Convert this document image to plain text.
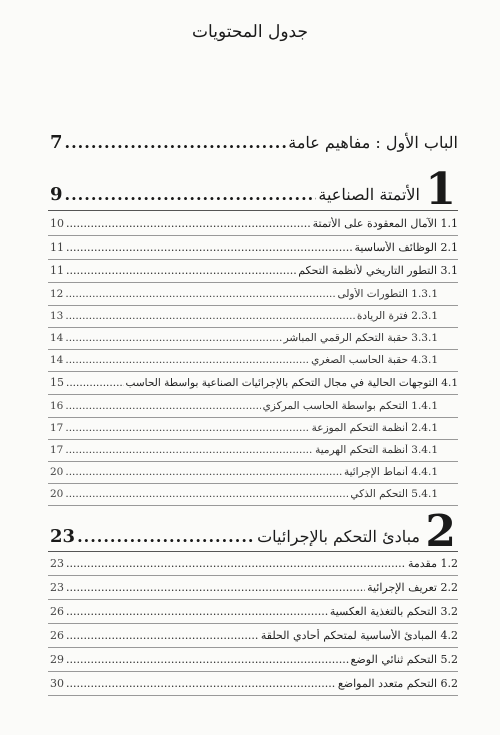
جدول المحتويات
الباب الأول : مفاهيم عامة
.....
7
1
الأتمتة الصناعية
.....
9
1.1 الآمال المعقودة على الأتمتة
.....
10
2.1 الوظائف الأساسية
.....
11
3.1 التطور التاريخي لأنظمة التحكم
.....
11
1.3.1 التطورات الأولى
.....
12
2.3.1 فترة الريادة
.....
13
3.3.1 حقبة التحكم الرقمي المباشر
.....
14
4.3.1 حقبة الحاسب الصغري
.....
14
4.1 التوجهات الحالية في مجال التحكم بالإجرائيات الصناعية بواسطة الحاسب
.....
15
1.4.1 التحكم بواسطة الحاسب المركزي
.....
16
2.4.1 أنظمة التحكم الموزعة
.....
17
3.4.1 أنظمة التحكم الهرمية
.....
17
4.4.1 أنماط الإجرائية
.....
20
5.4.1 التحكم الذكي
.....
20
2
مبادئ التحكم بالإجرائيات
.....
23
1.2 مقدمة
.....
23
2.2 تعريف الإجرائية
.....
23
3.2 التحكم بالتغذية العكسية
.....
26
4.2 المبادئ الأساسية لمتحكم أحادي الحلقة
.....
26
5.2 التحكم ثنائي الوضع
.....
29
6.2 التحكم متعدد المواضع
.....
30
